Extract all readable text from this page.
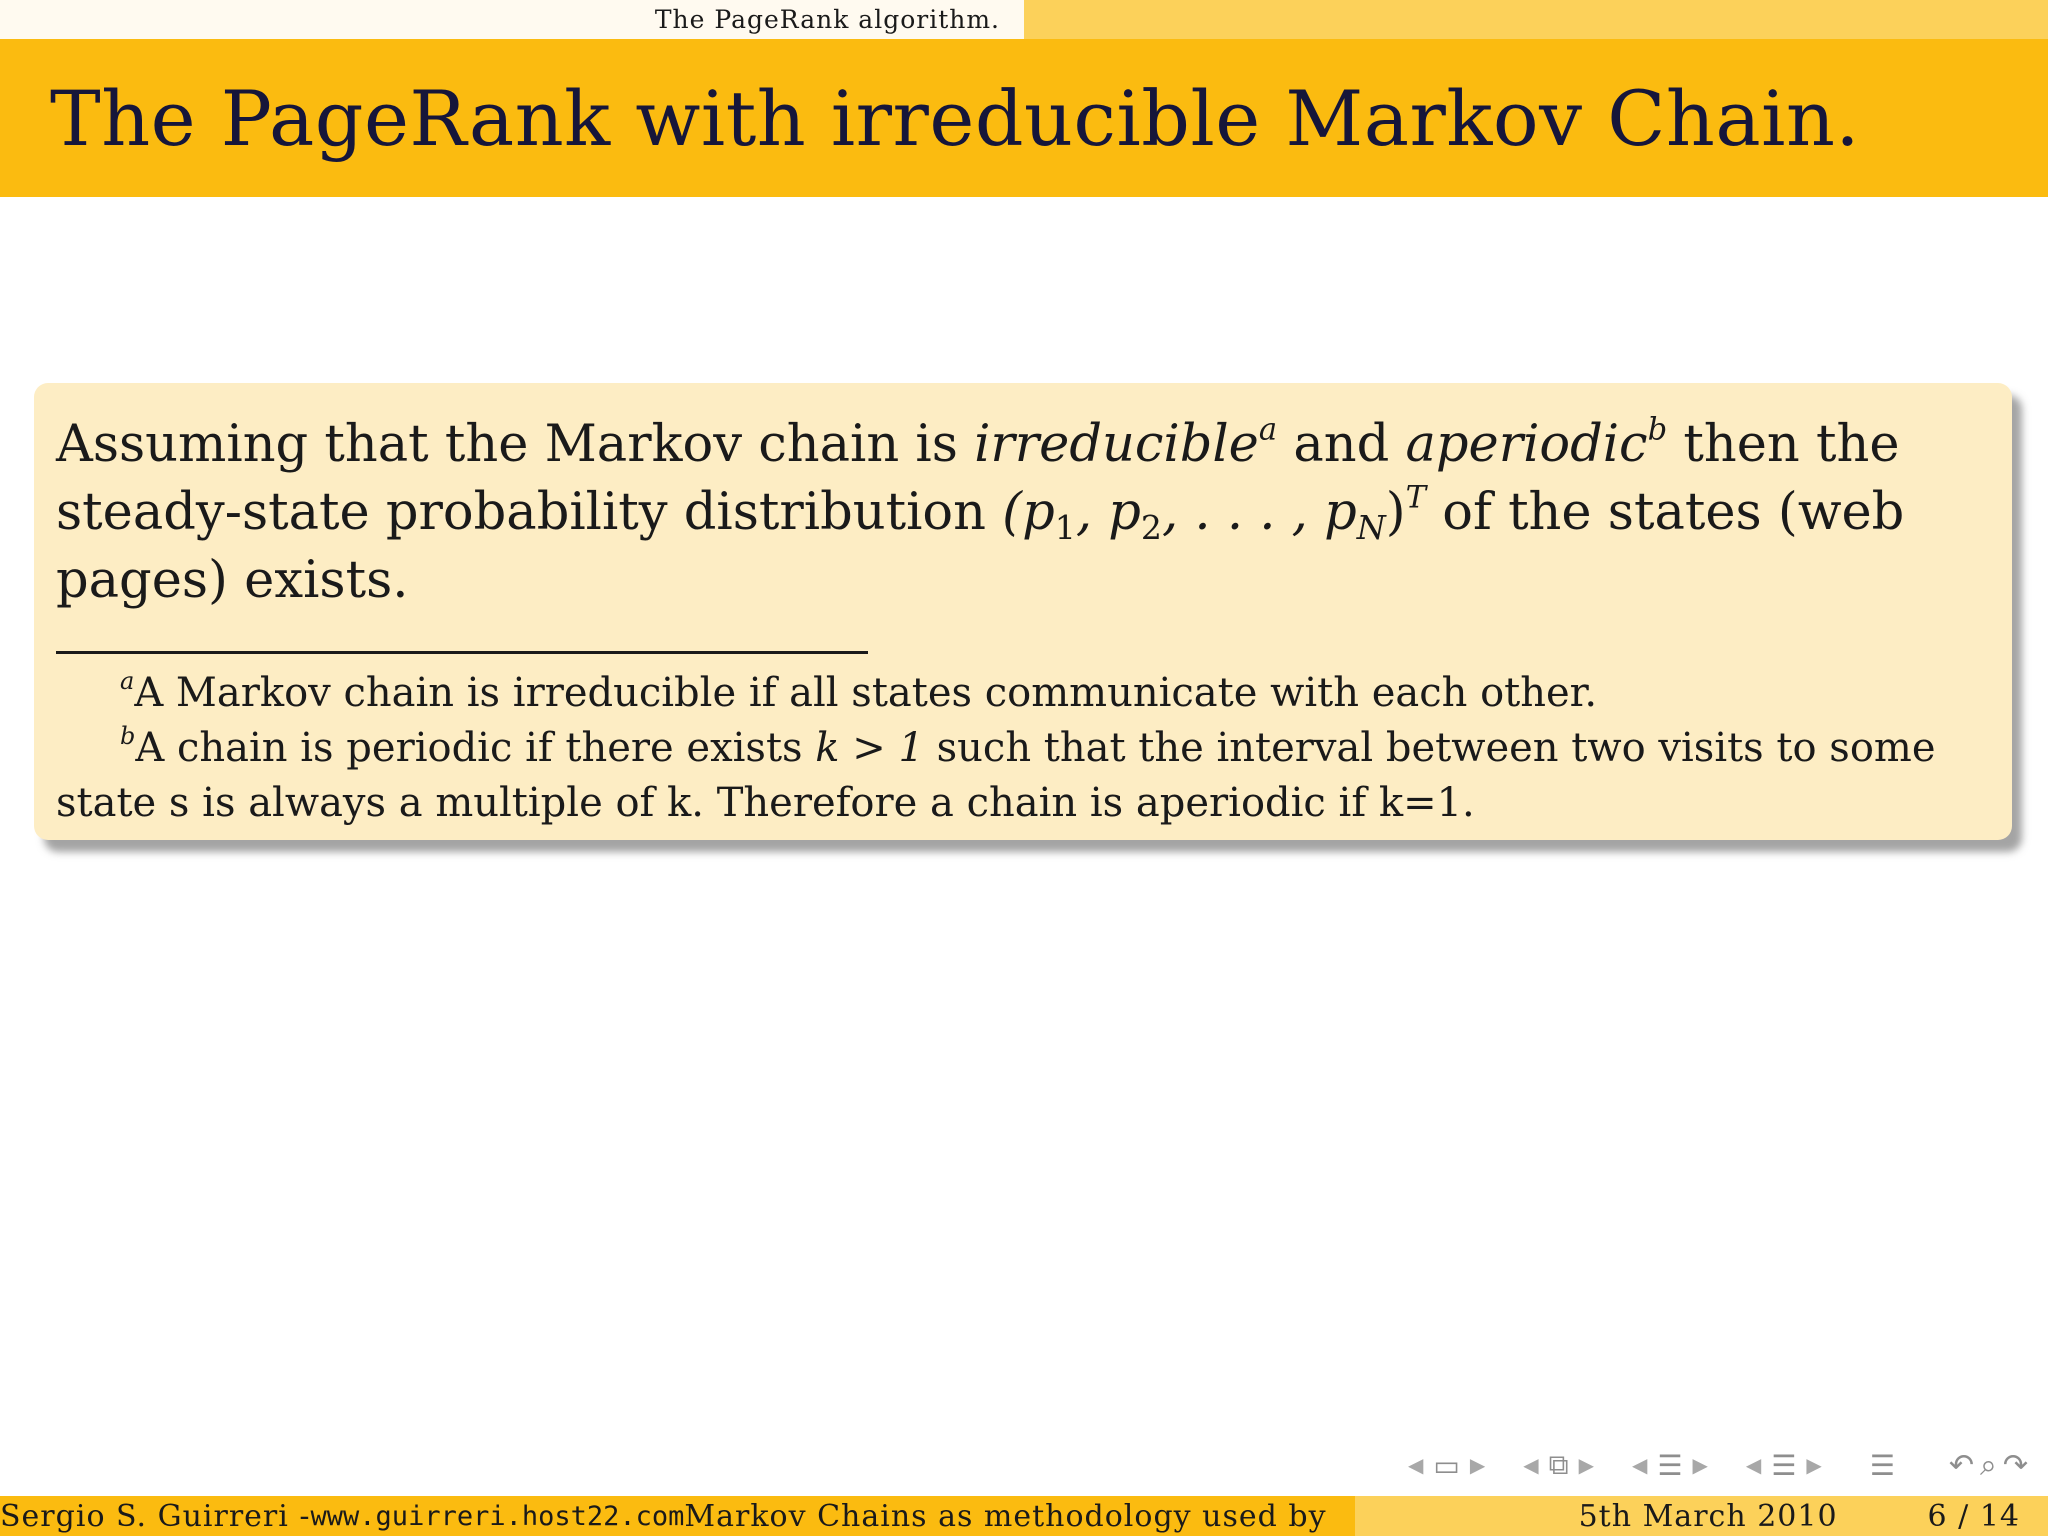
The PageRank algorithm.
The PageRank with irreducible Markov Chain.
Assuming that the Markov chain is irreducible$^a$ and aperiodic$^b$ then the
steady-state probability distribution ($p_1$, $p_2$, . . . , $p_N)^T$ of the states (web
pages) exists.
$^a$A Markov chain is irreducible if all states communicate with each other.
$^b$A chain is periodic if there exists k > 1 such that the interval between two visits to some
state s is always a multiple of k. Therefore a chain is aperiodic if k=1.
◀ ▭ ▶ ◀ ⧉ ▶ ◀ ☰ ▶ ◀ ☰ ▶ ☰ ↶ ⌕ ↷
Sergio S. Guirreri - www.guirreri.host22.com Markov Chains as methodology used by	5th March 2010	6 / 14
